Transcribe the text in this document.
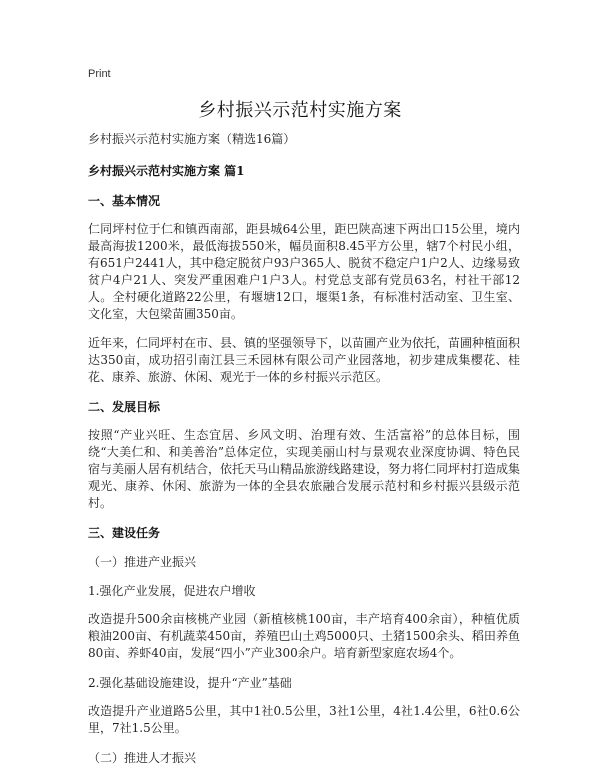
Print
乡村振兴示范村实施方案
乡村振兴示范村实施方案（精选16篇）
乡村振兴示范村实施方案 篇1
一、基本情况
仁同坪村位于仁和镇西南部，距县城64公里，距巴陕高速下两出口15公里，境内最高海拔1200米，最低海拔550米，幅员面积8.45平方公里，辖7个村民小组，有651户2441人，其中稳定脱贫户93户365人、脱贫不稳定户1户2人、边缘易致贫户4户21人、突发严重困难户1户3人。村党总支部有党员63名，村社干部12人。全村硬化道路22公里，有堰塘12口，堰渠1条，有标准村活动室、卫生室、文化室，大包梁苗圃350亩。
近年来，仁同坪村在市、县、镇的坚强领导下，以苗圃产业为依托，苗圃种植面积达350亩，成功招引南江县三禾园林有限公司产业园落地，初步建成集樱花、桂花、康养、旅游、休闲、观光于一体的乡村振兴示范区。
二、发展目标
按照“产业兴旺、生态宜居、乡风文明、治理有效、生活富裕”的总体目标，围绕“大美仁和、和美善治”总体定位，实现美丽山村与景观农业深度协调、特色民宿与美丽人居有机结合，依托天马山精品旅游线路建设，努力将仁同坪村打造成集观光、康养、休闲、旅游为一体的全县农旅融合发展示范村和乡村振兴县级示范村。
三、建设任务
（一）推进产业振兴
1.强化产业发展，促进农户增收
改造提升500余亩核桃产业园（新植核桃100亩，丰产培育400余亩），种植优质粮油200亩、有机蔬菜450亩，养殖巴山土鸡5000只、土猪1500余头、稻田养鱼80亩、养虾40亩，发展“四小”产业300余户。培育新型家庭农场4个。
2.强化基础设施建设，提升“产业”基础
改造提升产业道路5公里，其中1社0.5公里，3社1公里，4社1.4公里，6社0.6公里，7社1.5公里。
（二）推进人才振兴
